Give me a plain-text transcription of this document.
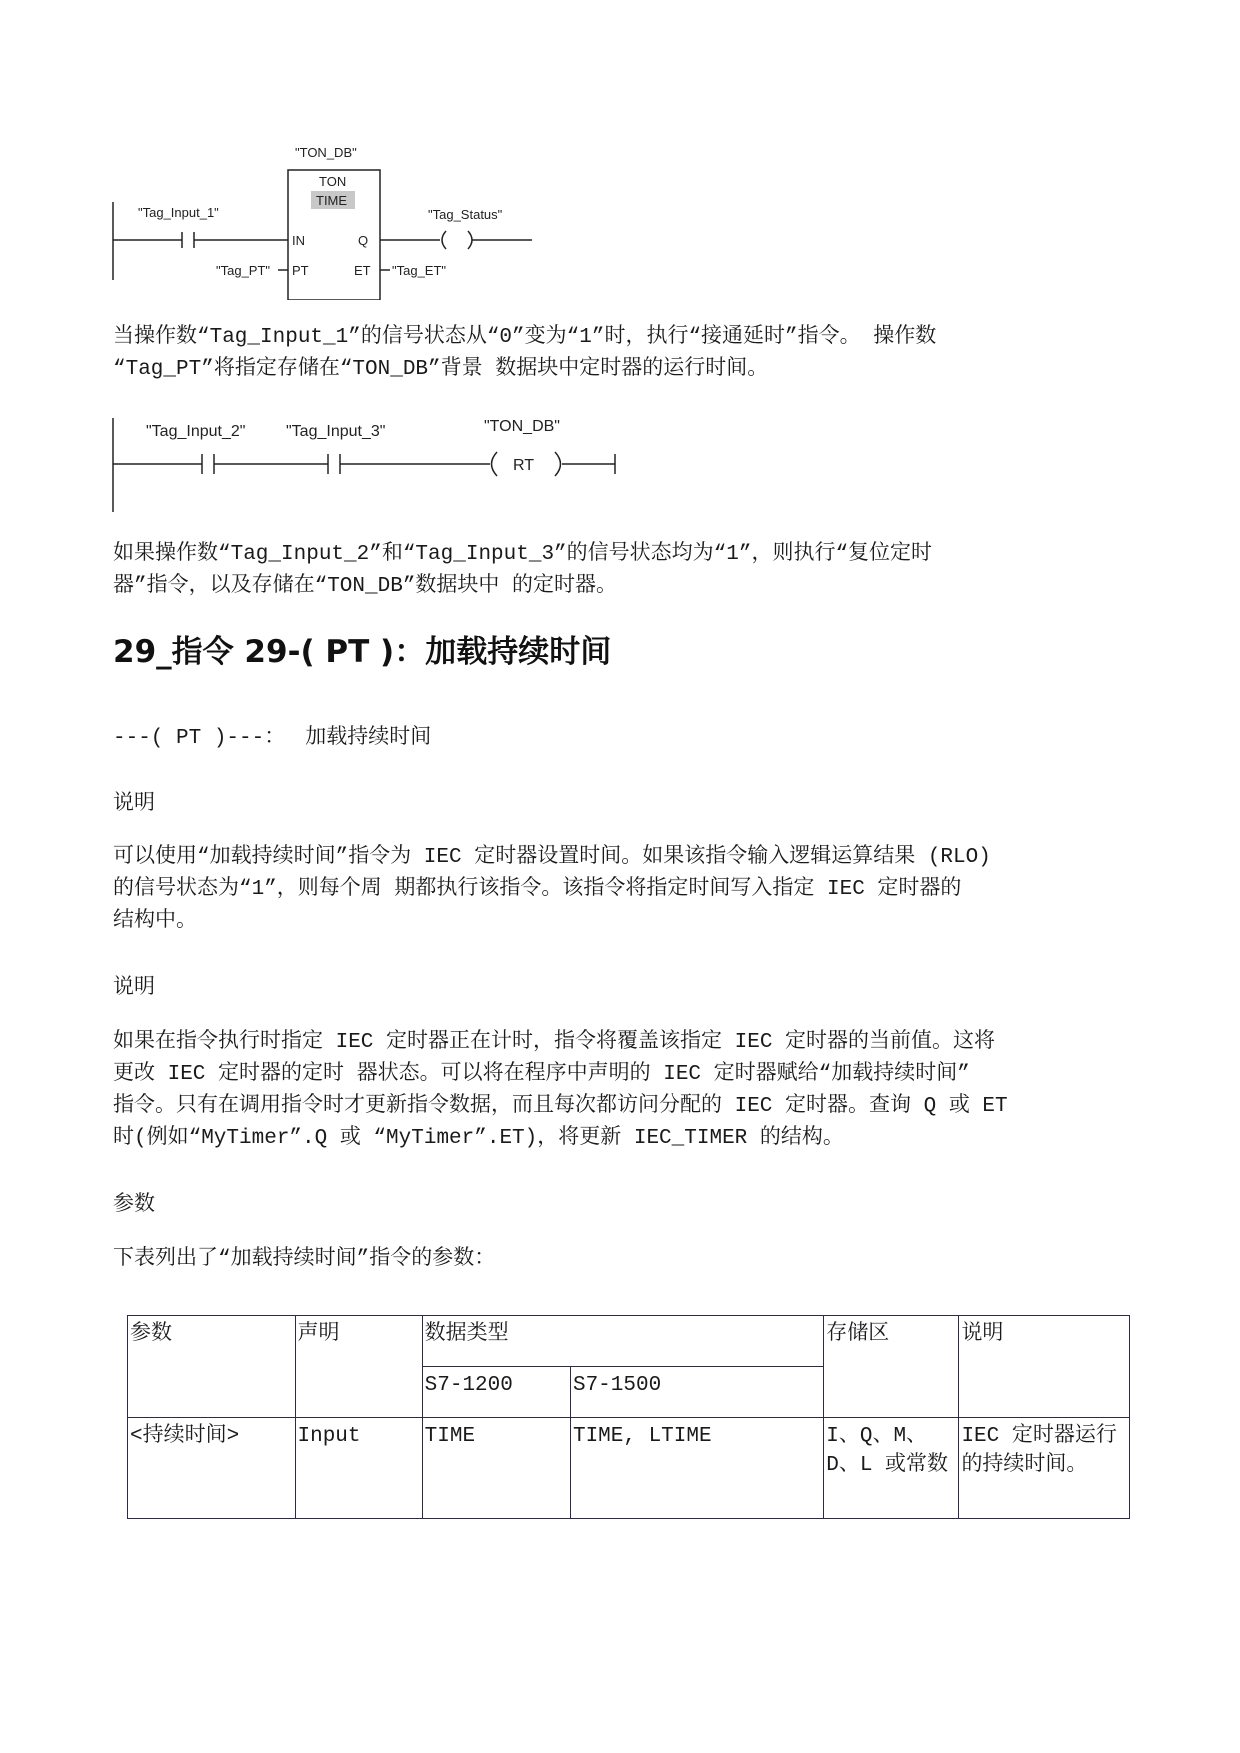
"Tag_Input_1"
"TON_DB"
TON
TIME
IN	Q
PT	ET
"Tag_PT"	"Tag_ET"
"Tag_Status"

当操作数“Tag_Input_1”的信号状态从“0”变为“1”时，执行“接通延时”指令。 操作数
“Tag_PT”将指定存储在“TON_DB”背景 数据块中定时器的运行时间。

RT
"Tag_Input_2"	"Tag_Input_3"	"TON_DB"

如果操作数“Tag_Input_2”和“Tag_Input_3”的信号状态均为“1”，则执行“复位定时
器”指令，以及存储在“TON_DB”数据块中 的定时器。

29_指令 29-( PT )：加载持续时间

---( PT )---： 加载持续时间

说明

可以使用“加载持续时间”指令为 IEC 定时器设置时间。如果该指令输入逻辑运算结果 (RLO)
的信号状态为“1”，则每个周 期都执行该指令。该指令将指定时间写入指定 IEC 定时器的
结构中。

说明

如果在指令执行时指定 IEC 定时器正在计时，指令将覆盖该指定 IEC 定时器的当前值。这将
更改 IEC 定时器的定时 器状态。可以将在程序中声明的 IEC 定时器赋给“加载持续时间”
指令。只有在调用指令时才更新指令数据，而且每次都访问分配的 IEC 定时器。查询 Q 或 ET
时(例如“MyTimer”.Q 或 “MyTimer”.ET)，将更新 IEC_TIMER 的结构。

参数

下表列出了“加载持续时间”指令的参数：

参数	声明	数据类型		存储区	说明
		S7-1200	S7-1500		
<持续时间>	Input	TIME	TIME, LTIME	I、Q、M、D、L 或常数	IEC 定时器运行 的持续时间。
